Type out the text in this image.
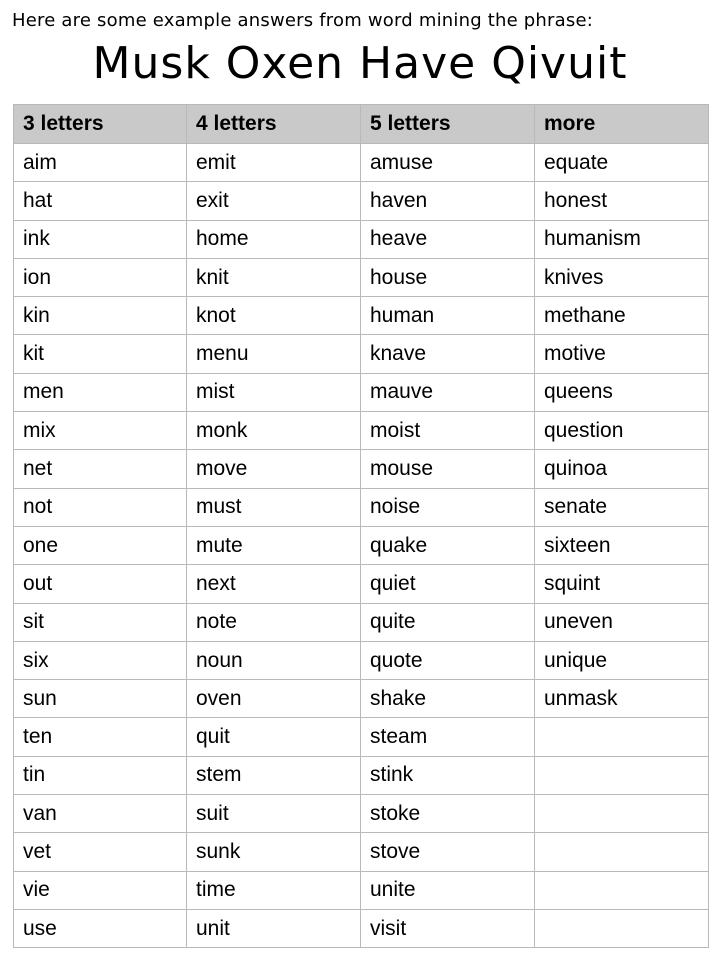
Here are some example answers from word mining the phrase:
Musk Oxen Have Qivuit
3 letters	4 letters	5 letters	more
aim	emit	amuse	equate
hat	exit	haven	honest
ink	home	heave	humanism
ion	knit	house	knives
kin	knot	human	methane
kit	menu	knave	motive
men	mist	mauve	queens
mix	monk	moist	question
net	move	mouse	quinoa
not	must	noise	senate
one	mute	quake	sixteen
out	next	quiet	squint
sit	note	quite	uneven
six	noun	quote	unique
sun	oven	shake	unmask
ten	quit	steam	
tin	stem	stink	
van	suit	stoke	
vet	sunk	stove	
vie	time	unite	
use	unit	visit	
